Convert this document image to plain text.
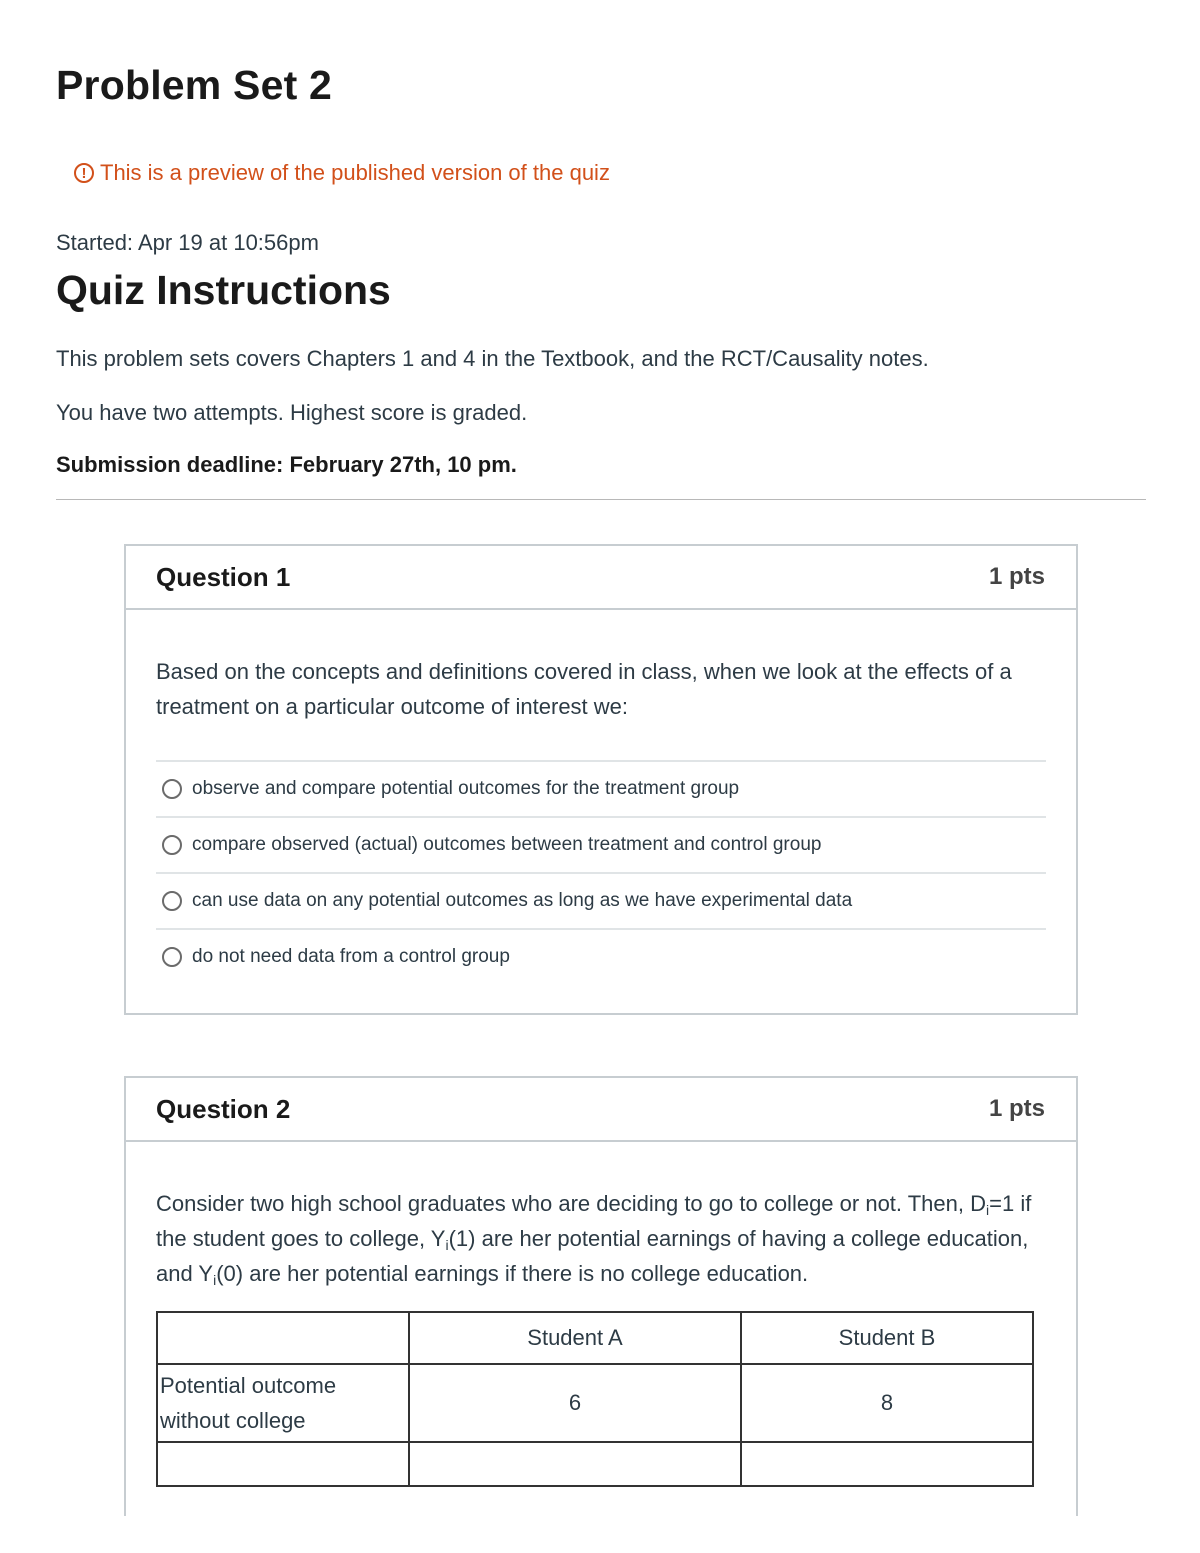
Problem Set 2
! This is a preview of the published version of the quiz
Started: Apr 19 at 10:56pm
Quiz Instructions

This problem sets covers Chapters 1 and 4 in the Textbook, and the RCT/Causality notes.

You have two attempts. Highest score is graded.

Submission deadline: February 27th, 10 pm.

Question 1	1 pts

Based on the concepts and definitions covered in class, when we look at the effects of a treatment on a particular outcome of interest we:

observe and compare potential outcomes for the treatment group
compare observed (actual) outcomes between treatment and control group
can use data on any potential outcomes as long as we have experimental data
do not need data from a control group
Question 2	1 pts

Consider two high school graduates who are deciding to go to college or not. Then, $D_i=1$ if the student goes to college, $Y_i(1)$ are her potential earnings of having a college education, and $Y_i(0)$ are her potential earnings if there is no college education.

	Student A	Student B
Potential outcome without college	6	8
